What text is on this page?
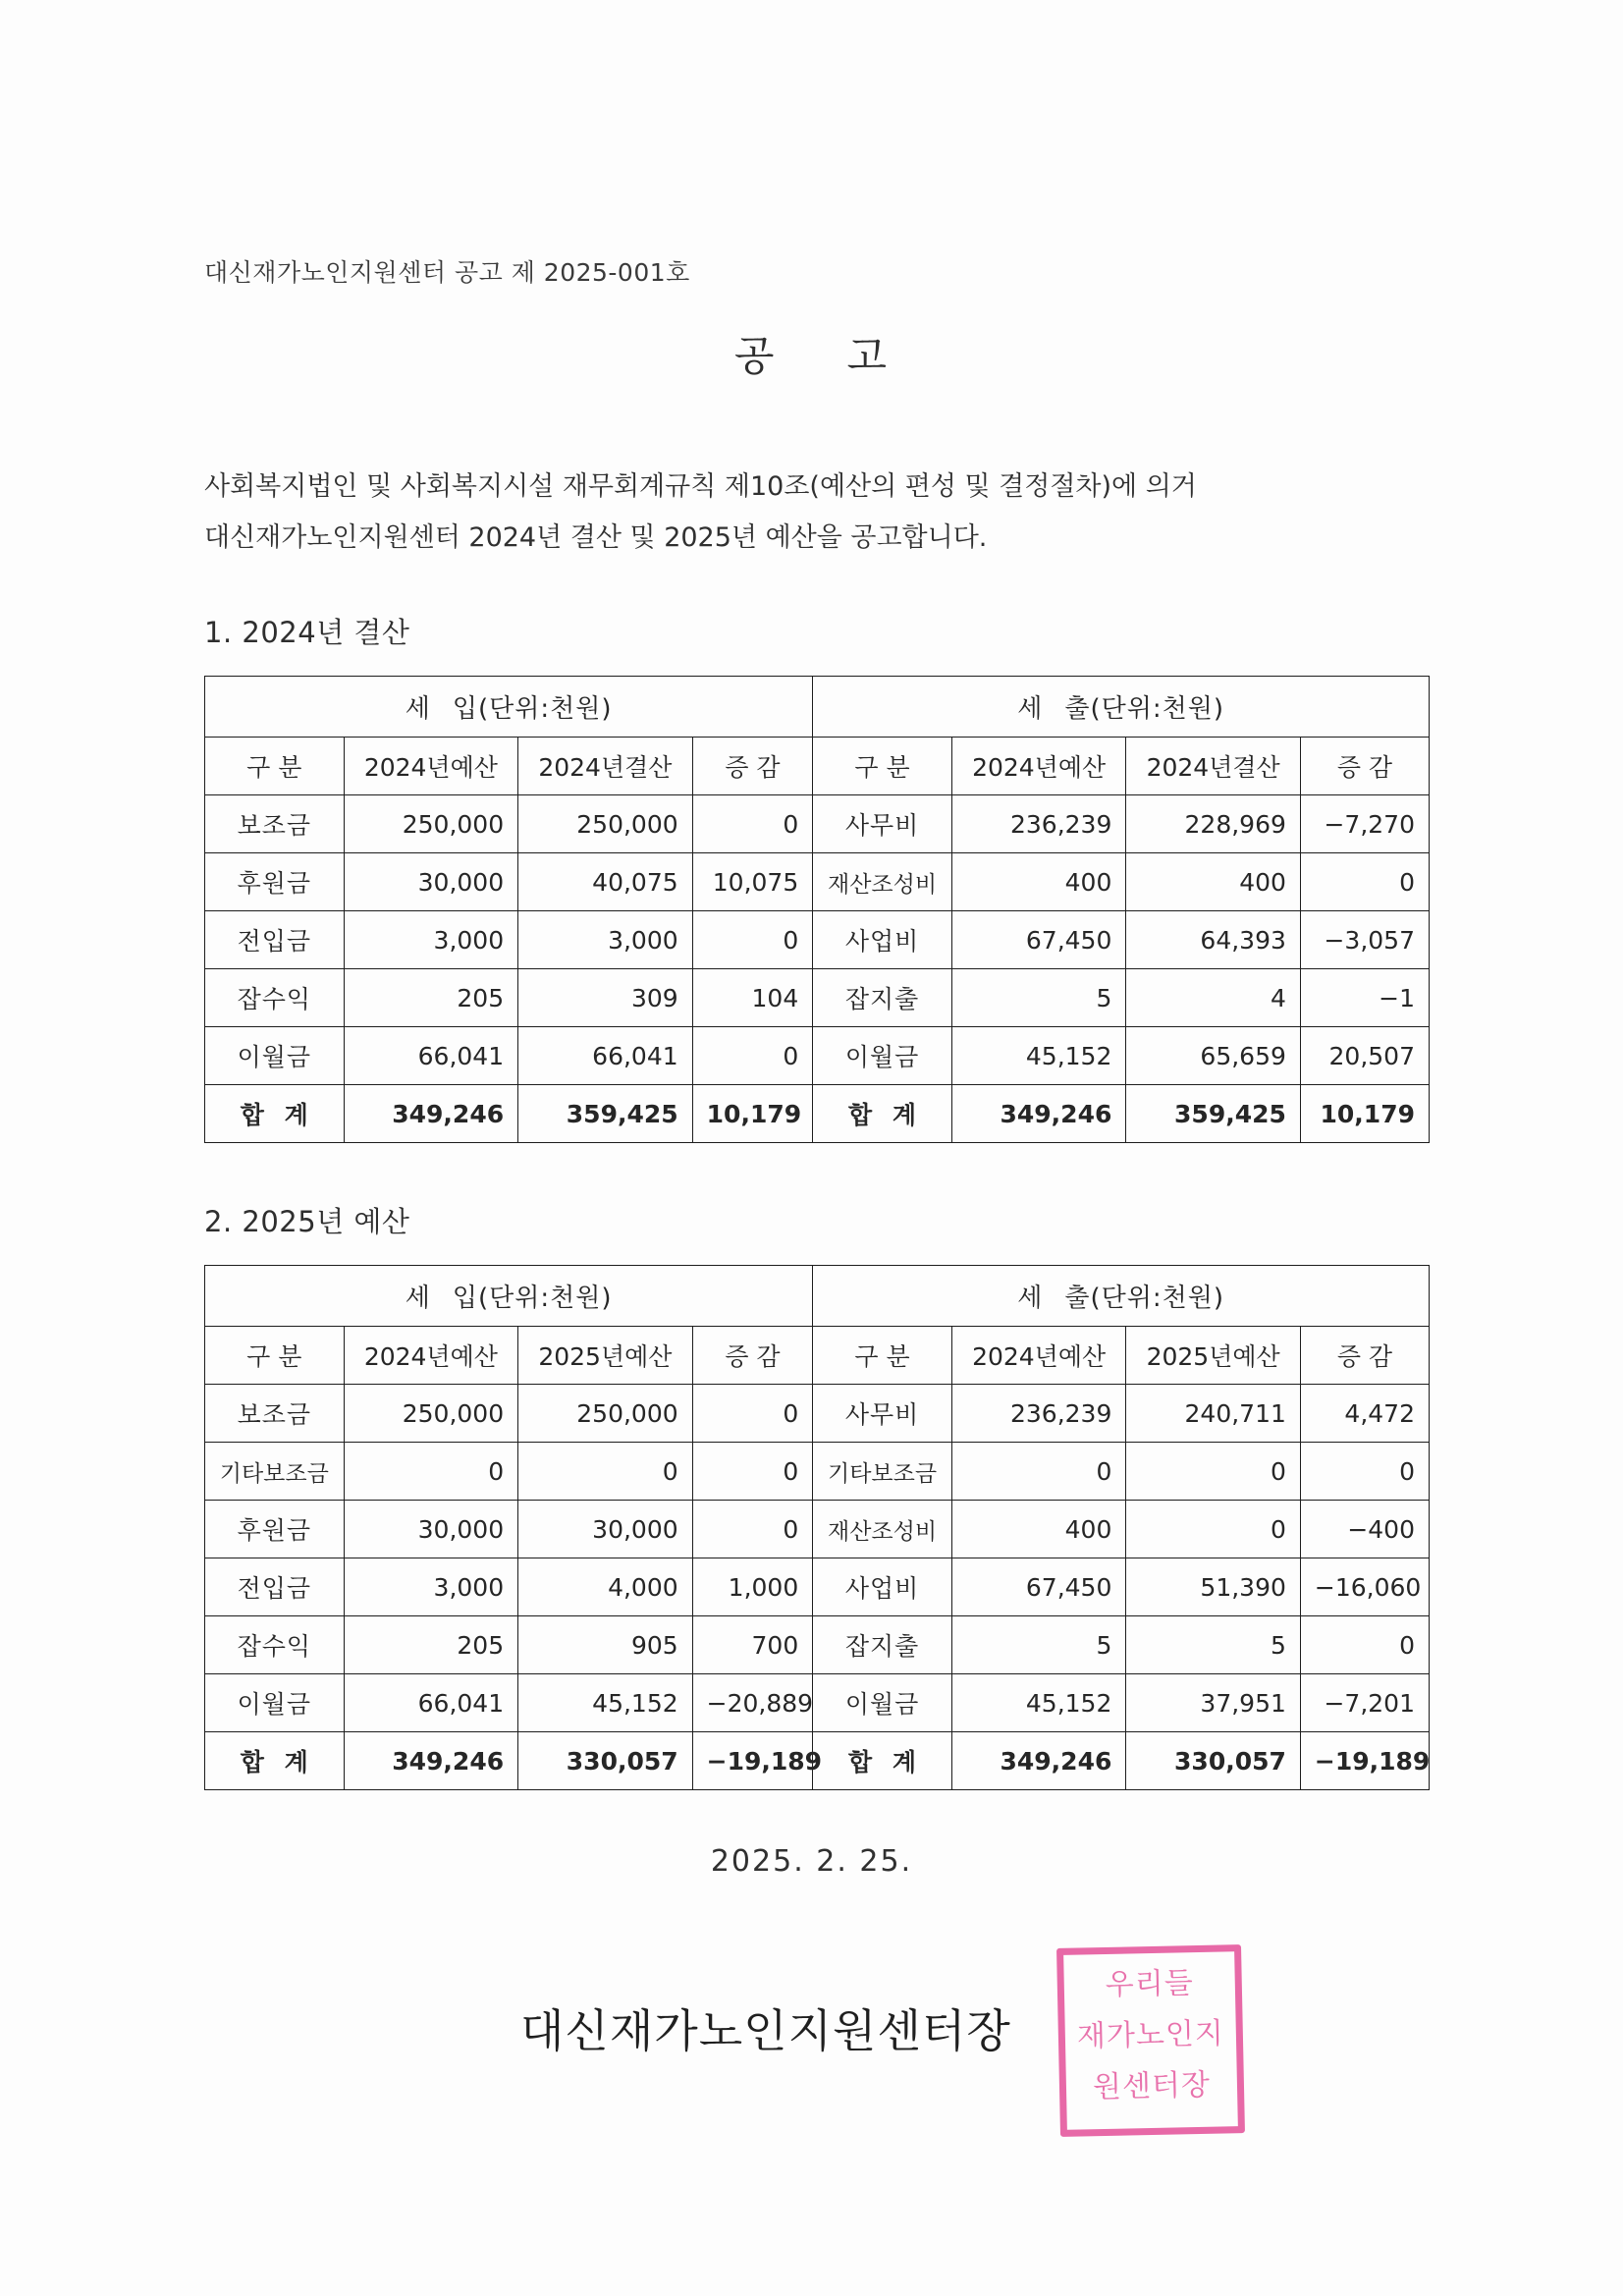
대신재가노인지원센터 공고 제 2025-001호
공 고
사회복지법인 및 사회복지시설 재무회계규칙 제10조(예산의 편성 및 결정절차)에 의거
대신재가노인지원센터 2024년 결산 및 2025년 예산을 공고합니다.
1. 2024년 결산
세 입(단위:천원)				세 출(단위:천원)			
구 분	2024년예산	2024년결산	증 감	구 분	2024년예산	2024년결산	증 감
보조금	250,000	250,000	0	사무비	236,239	228,969	−7,270
후원금	30,000	40,075	10,075	재산조성비	400	400	0
전입금	3,000	3,000	0	사업비	67,450	64,393	−3,057
잡수익	205	309	104	잡지출	5	4	−1
이월금	66,041	66,041	0	이월금	45,152	65,659	20,507
합 계	349,246	359,425	10,179	합 계	349,246	359,425	10,179
2. 2025년 예산
세 입(단위:천원)				세 출(단위:천원)			
구 분	2024년예산	2025년예산	증 감	구 분	2024년예산	2025년예산	증 감
보조금	250,000	250,000	0	사무비	236,239	240,711	4,472
기타보조금	0	0	0	기타보조금	0	0	0
후원금	30,000	30,000	0	재산조성비	400	0	−400
전입금	3,000	4,000	1,000	사업비	67,450	51,390	−16,060
잡수익	205	905	700	잡지출	5	5	0
이월금	66,041	45,152	−20,889	이월금	45,152	37,951	−7,201
합 계	349,246	330,057	−19,189	합 계	349,246	330,057	−19,189
2025. 2. 25.
대신재가노인지원센터장
우리들
재가노인지
원센터장
